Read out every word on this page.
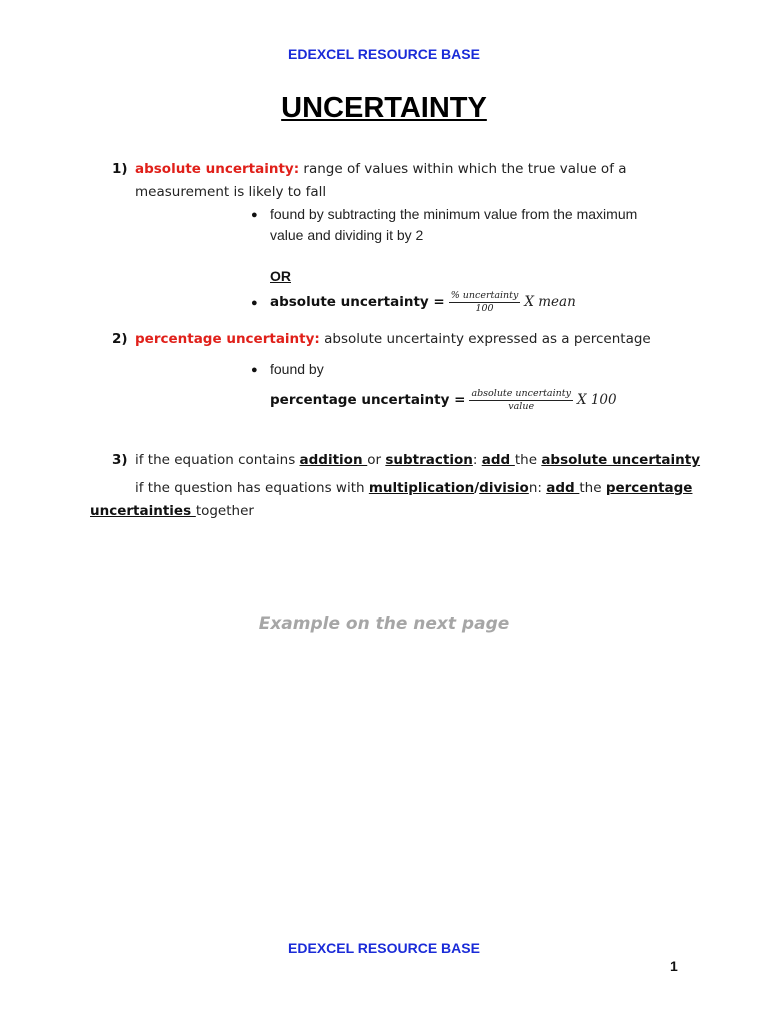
EDEXCEL RESOURCE BASE
UNCERTAINTY
1) absolute uncertainty: range of values within which the true value of a
measurement is likely to fall
● found by subtracting the minimum value from the maximum
value and dividing it by 2
OR
● absolute uncertainty = $\frac{\text{\% uncertainty}}{100}$ X mean
2) percentage uncertainty: absolute uncertainty expressed as a percentage
● found by
percentage uncertainty = $\frac{\text{absolute uncertainty}}{\text{value}}$ X 100
3) if the equation contains addition or subtraction: add the absolute uncertainty
if the question has equations with multiplication/division: add the percentage
uncertainties together
Example on the next page
EDEXCEL RESOURCE BASE
1
